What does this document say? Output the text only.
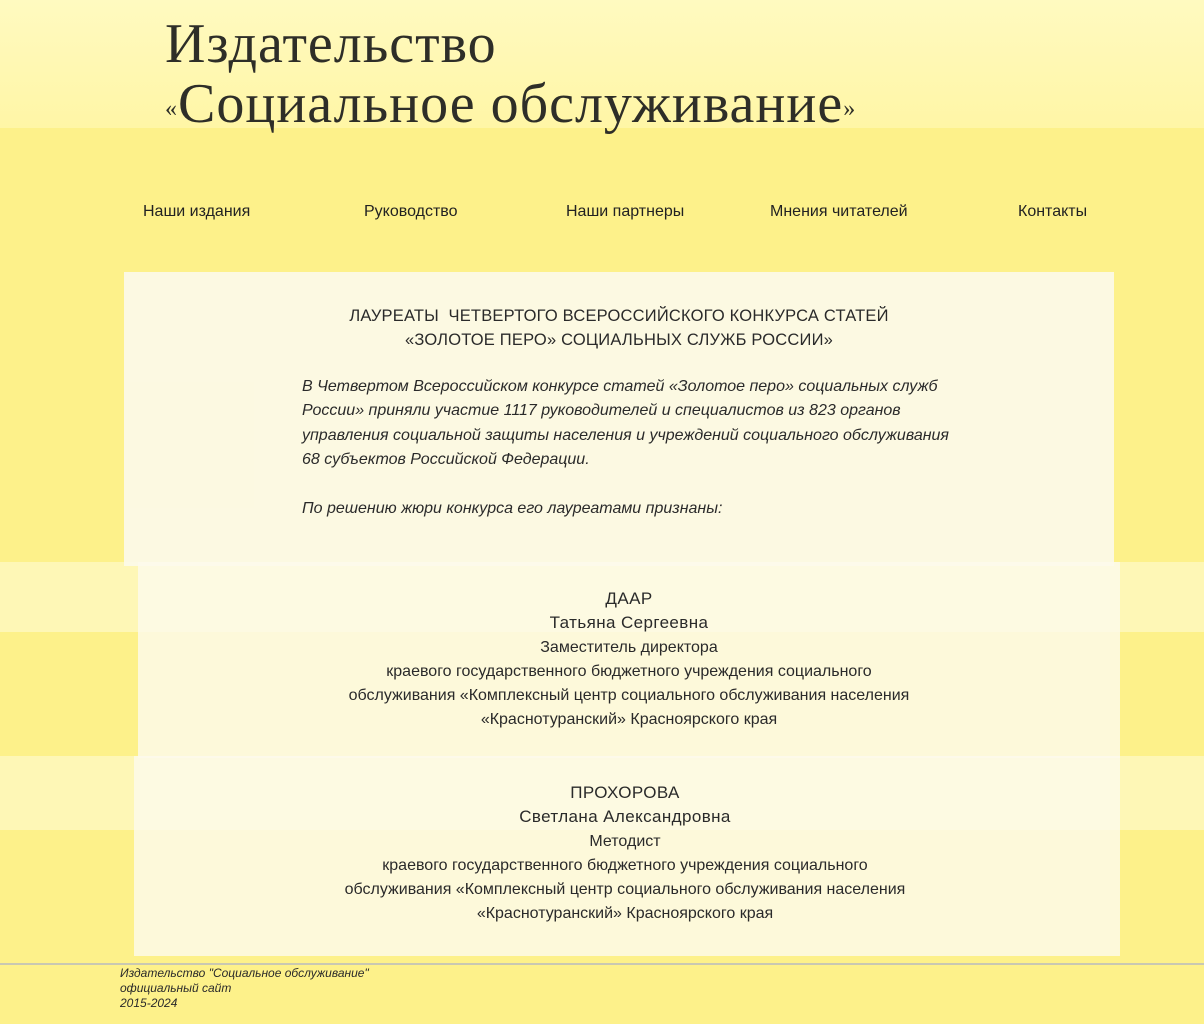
Издательство
«Социальное обслуживание»
Наши издания	Руководство	Наши партнеры	Мнения читателей	Контакты
ЛАУРЕАТЫ  ЧЕТВЕРТОГО ВСЕРОССИЙСКОГО КОНКУРСА СТАТЕЙ
«ЗОЛОТОЕ ПЕРО» СОЦИАЛЬНЫХ СЛУЖБ РОССИИ»

В Четвертом Всероссийском конкурсе статей «Золотое перо» социальных служб России» приняли участие 1117 руководителей и специалистов из 823 органов управления социальной защиты населения и учреждений социального обслуживания 68 субъектов Российской Федерации.

По решению жюри конкурса его лауреатами признаны:

ДААР
Татьяна Сергеевна
Заместитель директора
краевого государственного бюджетного учреждения социального
обслуживания «Комплексный центр социального обслуживания населения
«Краснотуранский» Красноярского края
ПРОХОРОВА
Светлана Александровна
Методист
краевого государственного бюджетного учреждения социального
обслуживания «Комплексный центр социального обслуживания населения
«Краснотуранский» Красноярского края
Издательство "Социальное обслуживание"
официальный сайт
2015-2024
